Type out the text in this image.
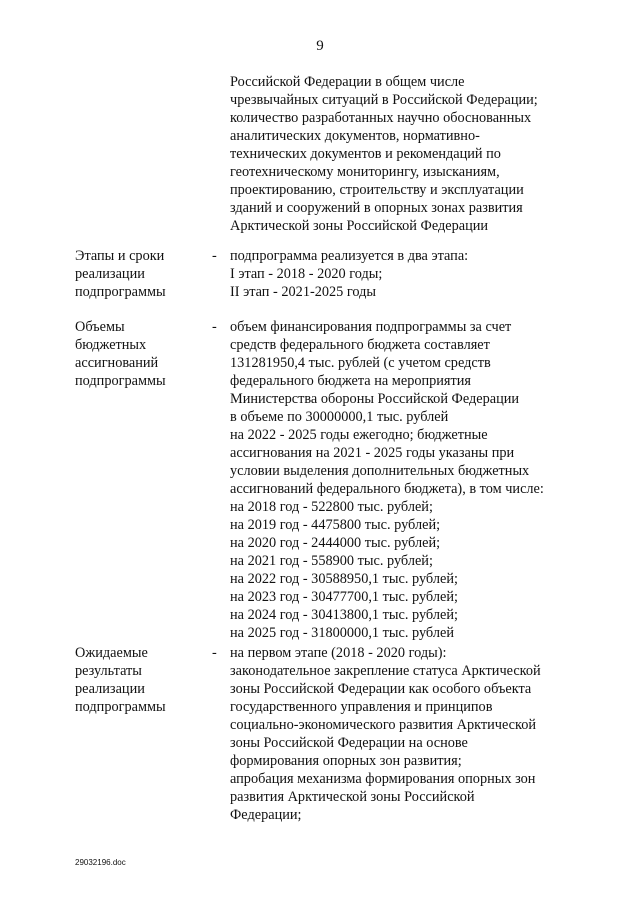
9
Российской Федерации в общем числе
чрезвычайных ситуаций в Российской Федерации;
количество разработанных научно обоснованных
аналитических документов, нормативно-
технических документов и рекомендаций по
геотехническому мониторингу, изысканиям,
проектированию, строительству и эксплуатации
зданий и сооружений в опорных зонах развития
Арктической зоны Российской Федерации
Этапы и сроки
реализации
подпрограммы
- подпрограмма реализуется в два этапа:
I этап - 2018 - 2020 годы;
II этап - 2021-2025 годы
Объемы
бюджетных
ассигнований
подпрограммы
- объем финансирования подпрограммы за счет
средств федерального бюджета составляет
131281950,4 тыс. рублей (с учетом средств
федерального бюджета на мероприятия
Министерства обороны Российской Федерации
в объеме по 30000000,1 тыс. рублей
на 2022 - 2025 годы ежегодно; бюджетные
ассигнования на 2021 - 2025 годы указаны при
условии выделения дополнительных бюджетных
ассигнований федерального бюджета), в том числе:
на 2018 год - 522800 тыс. рублей;
на 2019 год - 4475800 тыс. рублей;
на 2020 год - 2444000 тыс. рублей;
на 2021 год - 558900 тыс. рублей;
на 2022 год - 30588950,1 тыс. рублей;
на 2023 год - 30477700,1 тыс. рублей;
на 2024 год - 30413800,1 тыс. рублей;
на 2025 год - 31800000,1 тыс. рублей
Ожидаемые
результаты
реализации
подпрограммы
- на первом этапе (2018 - 2020 годы):
законодательное закрепление статуса Арктической
зоны Российской Федерации как особого объекта
государственного управления и принципов
социально-экономического развития Арктической
зоны Российской Федерации на основе
формирования опорных зон развития;
апробация механизма формирования опорных зон
развития Арктической зоны Российской
Федерации;
29032196.doc
